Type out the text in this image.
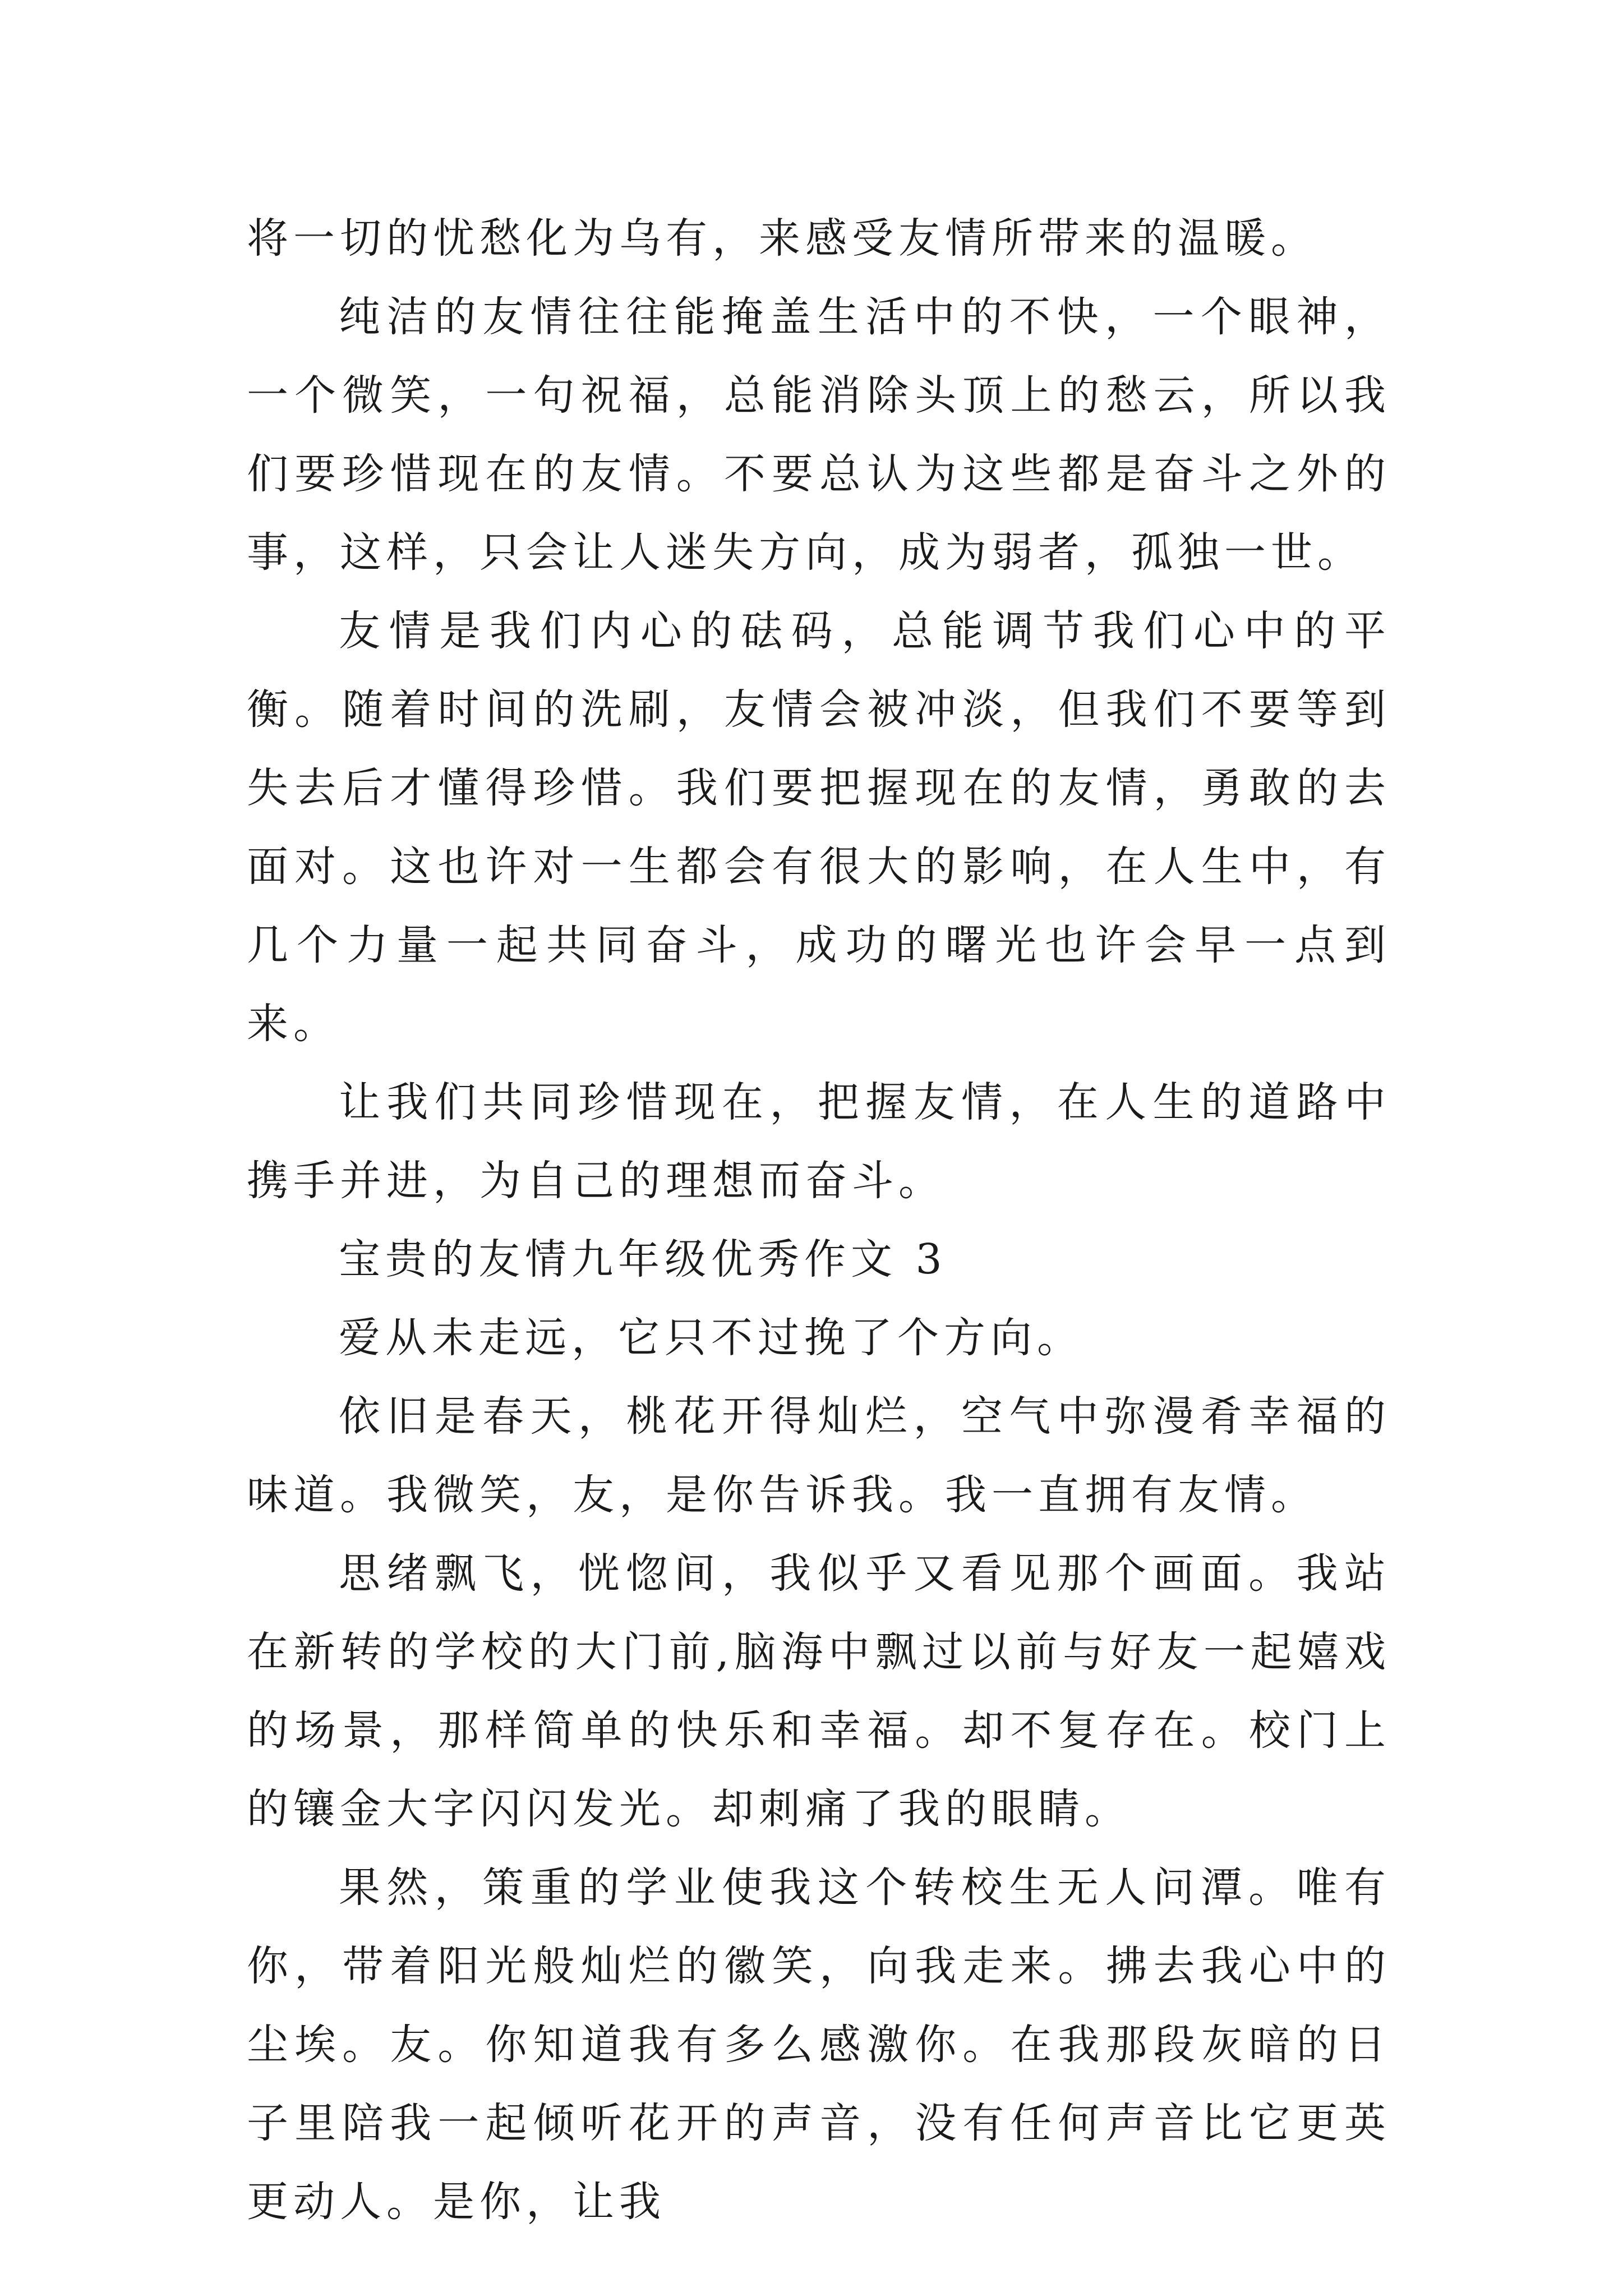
将一切的忧愁化为乌有，来感受友情所带来的温暖。

纯洁的友情往往能掩盖生活中的不快，一个眼神，一个微笑，一句祝福，总能消除头顶上的愁云，所以我们要珍惜现在的友情。不要总认为这些都是奋斗之外的事，这样，只会让人迷失方向，成为弱者，孤独一世。

友情是我们内心的砝码，总能调节我们心中的平衡。随着时间的洗刷，友情会被冲淡，但我们不要等到失去后才懂得珍惜。我们要把握现在的友情，勇敢的去面对。这也许对一生都会有很大的影响，在人生中，有几个力量一起共同奋斗，成功的曙光也许会早一点到来。

让我们共同珍惜现在，把握友情，在人生的道路中携手并进，为自己的理想而奋斗。

宝贵的友情九年级优秀作文 3

爱从未走远，它只不过挽了个方向。

依旧是春天，桃花开得灿烂，空气中弥漫肴幸福的味道。我微笑，友，是你告诉我。我一直拥有友情。

思绪飘飞，恍惚间，我似乎又看见那个画面。我站在新转的学校的大门前,脑海中飘过以前与好友一起嬉戏的场景，那样简单的快乐和幸福。却不复存在。校门上的镶金大字闪闪发光。却刺痛了我的眼睛。

果然，策重的学业使我这个转校生无人问潭。唯有你，带着阳光般灿烂的徽笑，向我走来。拂去我心中的尘埃。友。你知道我有多么感激你。在我那段灰暗的日子里陪我一起倾听花开的声音，没有任何声音比它更英更动人。是你，让我
